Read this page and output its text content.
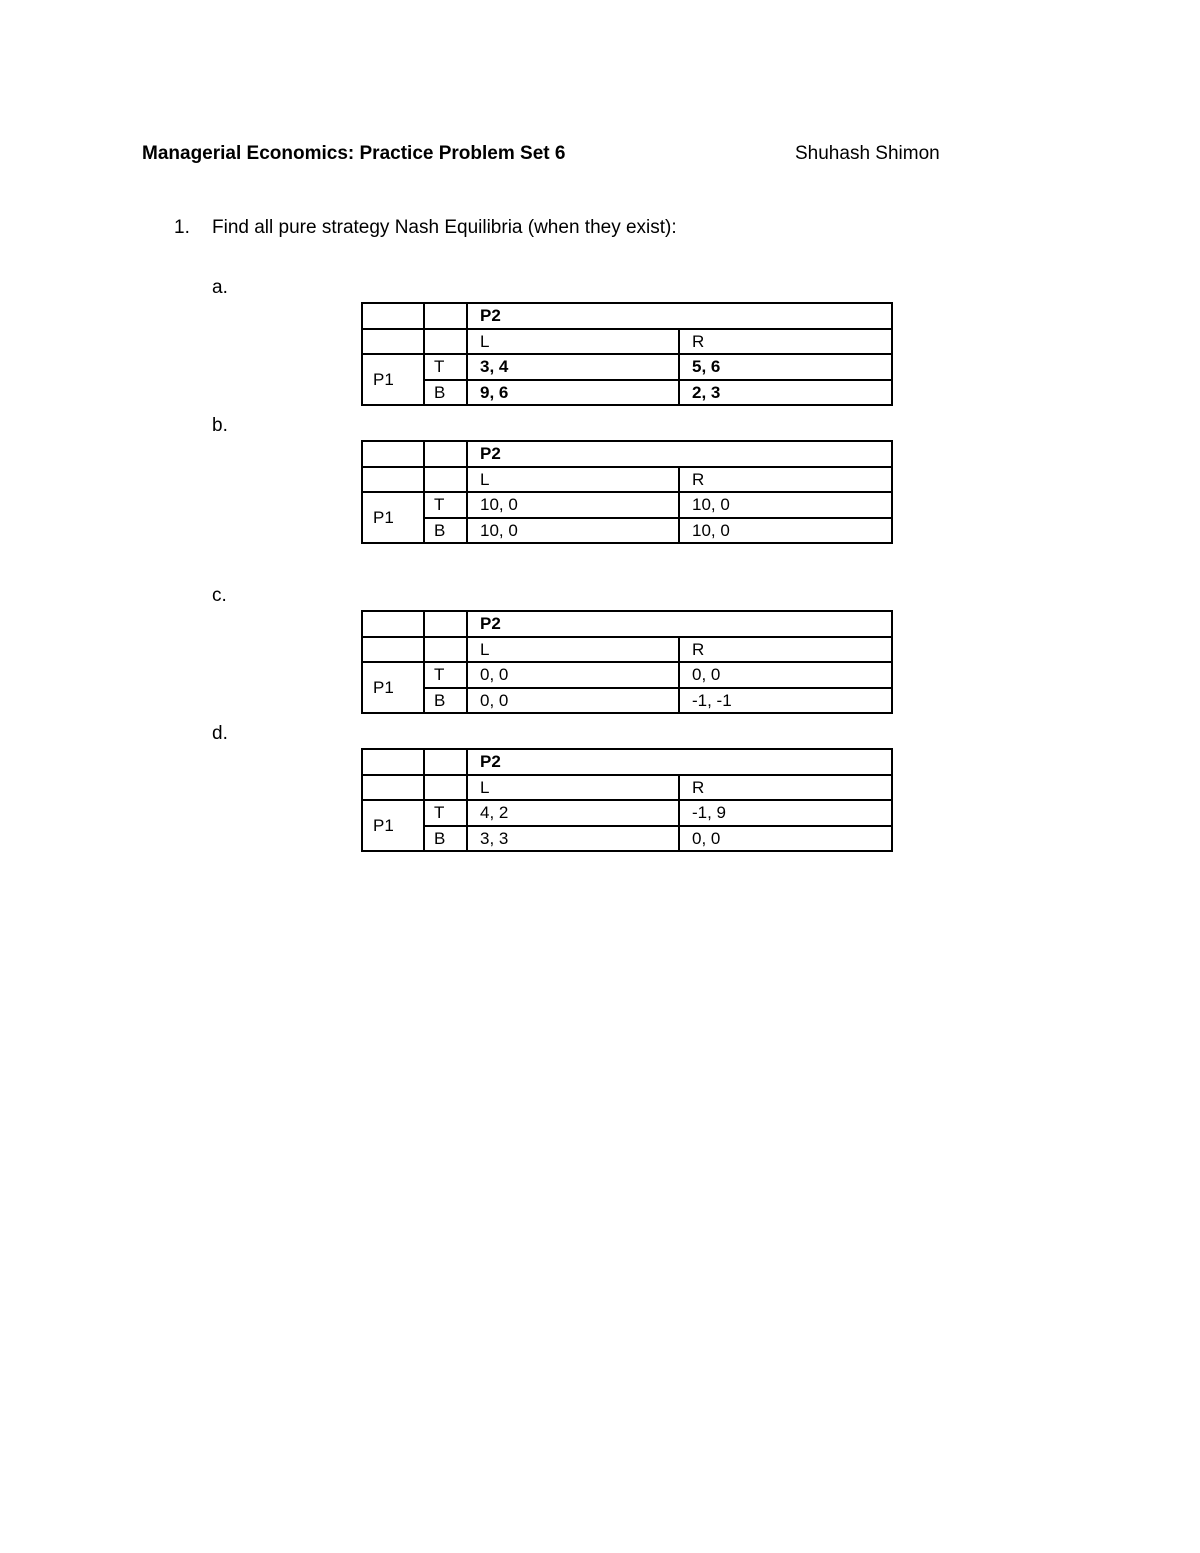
Managerial Economics: Practice Problem Set 6	Shuhash Shimon
1. Find all pure strategy Nash Equilibria (when they exist):
a.
		P2	
		L	R
P1	T	3, 4	5, 6
	B	9, 6	2, 3
b.
		P2	
		L	R
P1	T	10, 0	10, 0
	B	10, 0	10, 0
c.
		P2	
		L	R
P1	T	0, 0	0, 0
	B	0, 0	-1, -1
d.
		P2	
		L	R
P1	T	4, 2	-1, 9
	B	3, 3	0, 0
